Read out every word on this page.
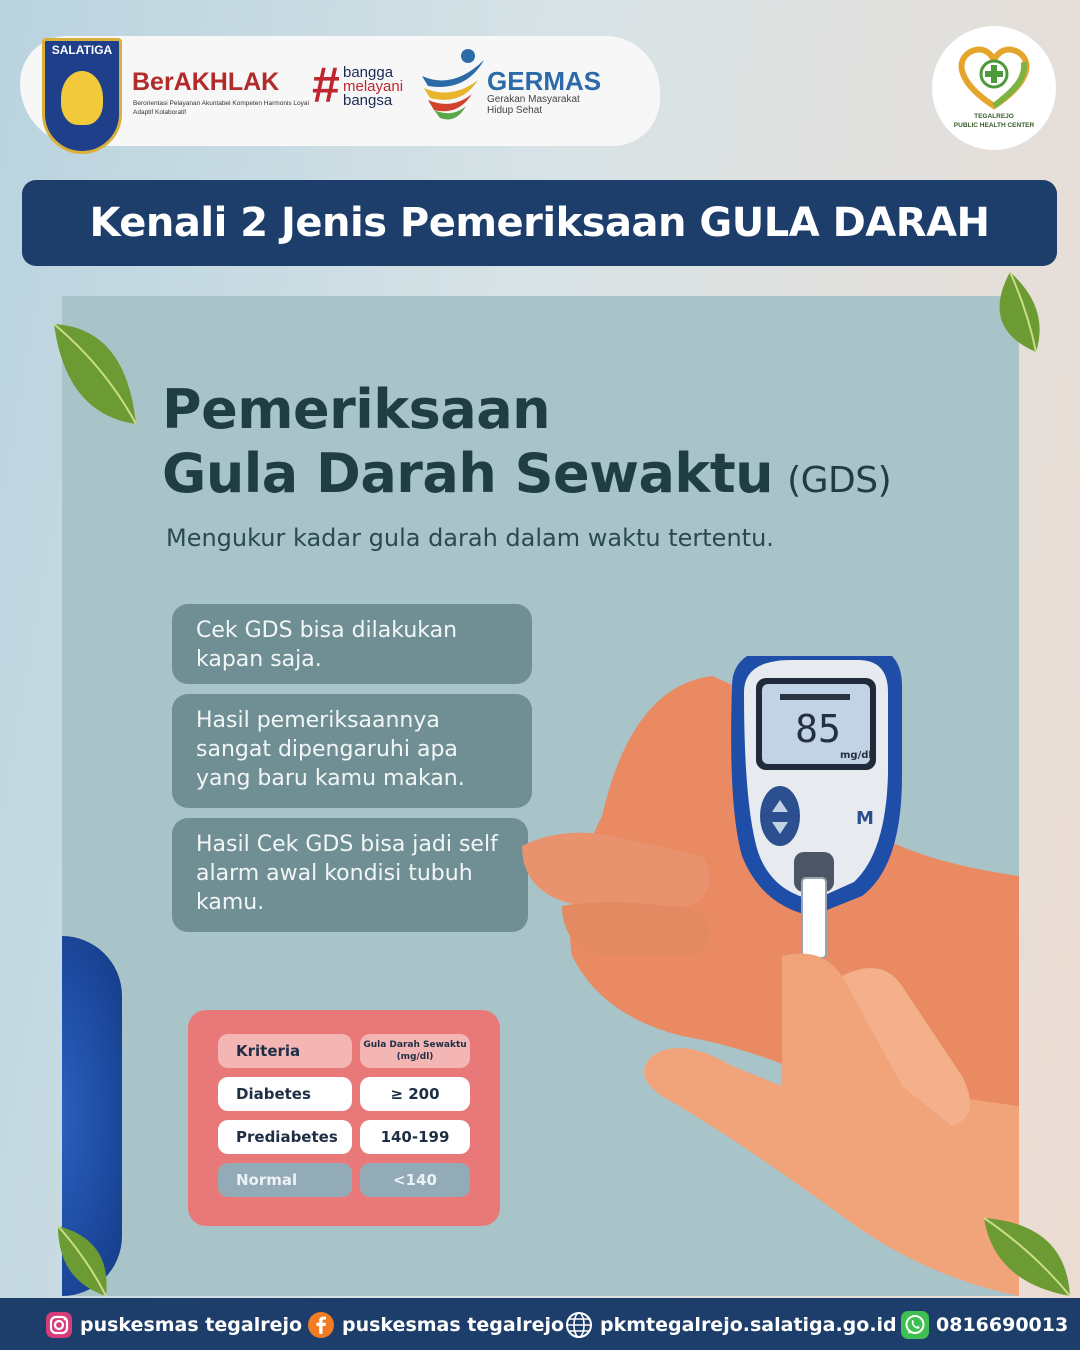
SALATIGA
BerAKHLAK
Berorientasi Pelayanan Akuntabel Kompeten Harmonis Loyal Adaptif Kolaboratif	# bangga
melayani
bangsa
GERMAS
Gerakan Masyarakat Hidup Sehat
TEGALREJO
PUBLIC HEALTH CENTER
Kenali 2 Jenis Pemeriksaan GULA DARAH
Pemeriksaan
Gula Darah Sewaktu (GDS)
Mengukur kadar gula darah dalam waktu tertentu.
Cek GDS bisa dilakukan kapan saja.
Hasil pemeriksaannya sangat dipengaruhi apa yang baru kamu makan.
Hasil Cek GDS bisa jadi self alarm awal kondisi tubuh kamu.
85
mg/dl
M
Kriteria	Gula Darah Sewaktu (mg/dl)
Diabetes	≥ 200
Prediabetes	140-199
Normal	<140
puskesmas tegalrejo puskesmas tegalrejo pkmtegalrejo.salatiga.go.id 0816690013
